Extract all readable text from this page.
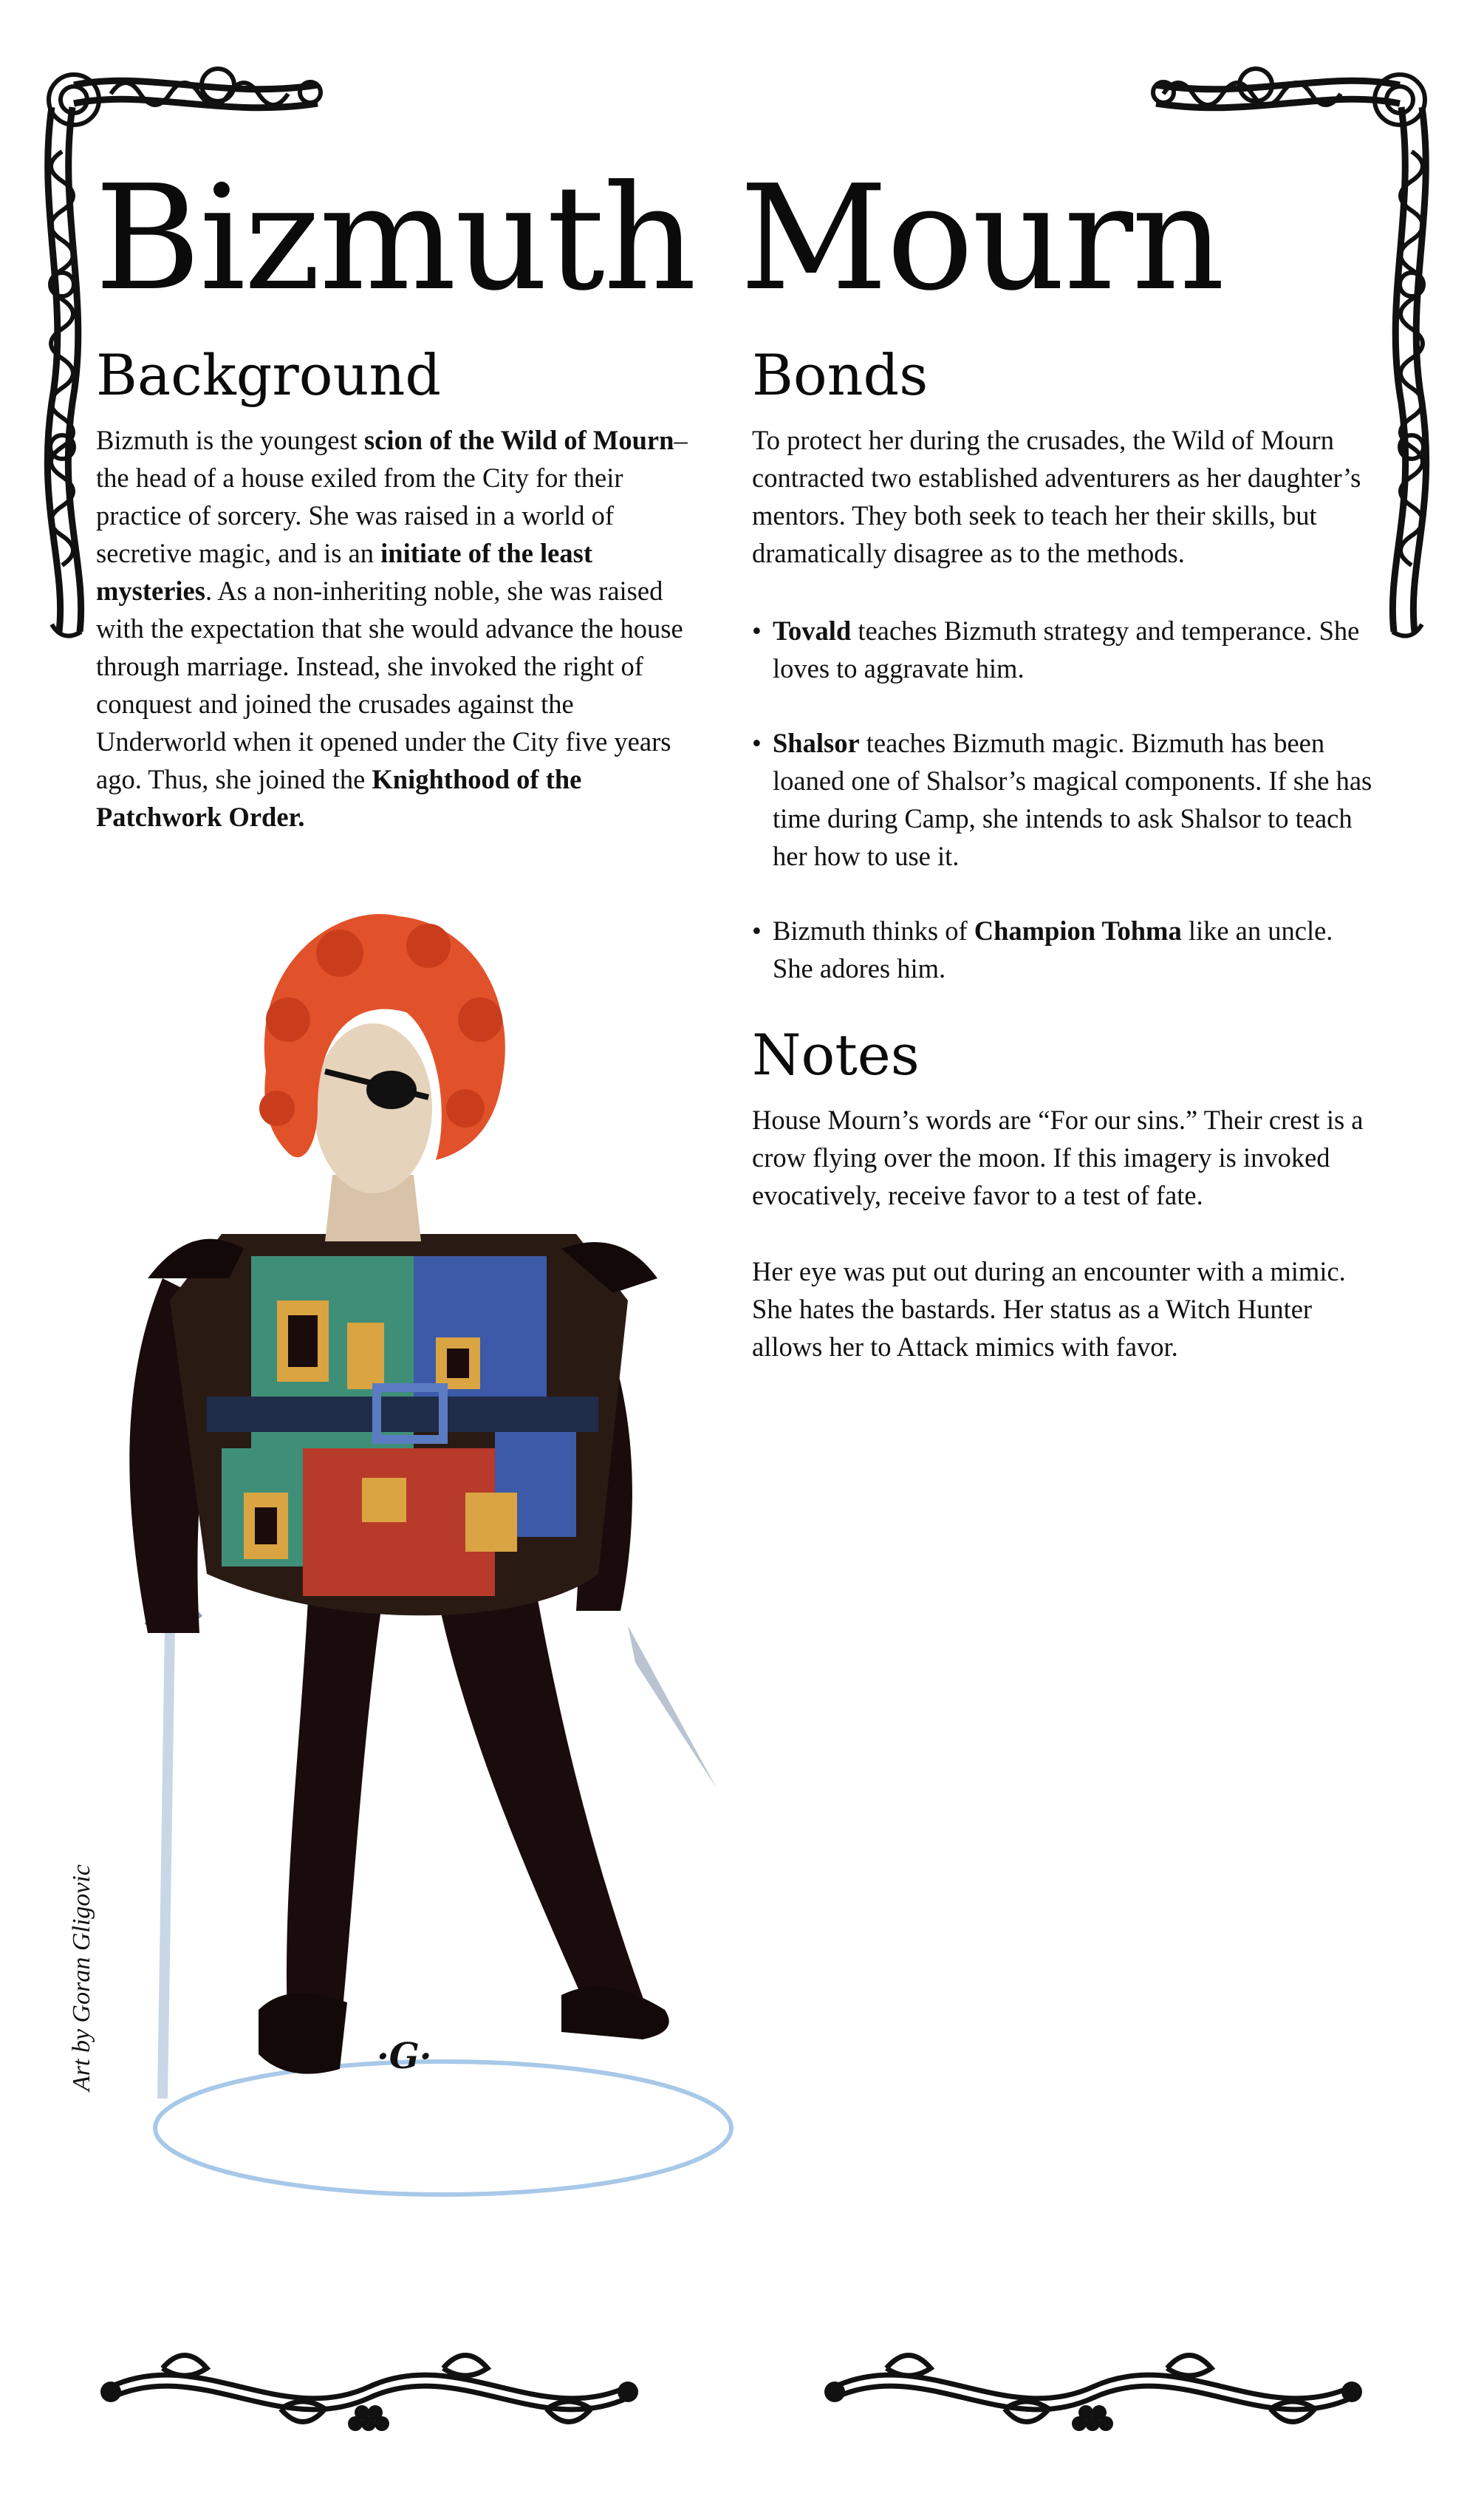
Bizmuth Mourn
Background

Bizmuth is the youngest scion of the Wild of Mourn– the head of a house exiled from the City for their practice of sorcery. She was raised in a world of secretive magic, and is an initiate of the least mysteries. As a non-inheriting noble, she was raised with the expectation that she would advance the house through marriage. Instead, she invoked the right of conquest and joined the crusades against the Underworld when it opened under the City five years ago. Thus, she joined the Knighthood of the Patchwork Order.

Bonds

To protect her during the crusades, the Wild of Mourn contracted two established adventurers as her daughter’s mentors. They both seek to teach her their skills, but dramatically disagree as to the methods.

• Tovald teaches Bizmuth strategy and temperance. She loves to aggravate him.
• Shalsor teaches Bizmuth magic. Bizmuth has been loaned one of Shalsor’s magical components. If she has time during Camp, she intends to ask Shalsor to teach her how to use it.
• Bizmuth thinks of Champion Tohma like an uncle. She adores him.
Notes

House Mourn’s words are “For our sins.” Their crest is a crow flying over the moon. If this imagery is invoked evocatively, receive favor to a test of fate.

Her eye was put out during an encounter with a mimic. She hates the bastards. Her status as a Witch Hunter allows her to Attack mimics with favor.

·G·
Art by Goran Gligovic
